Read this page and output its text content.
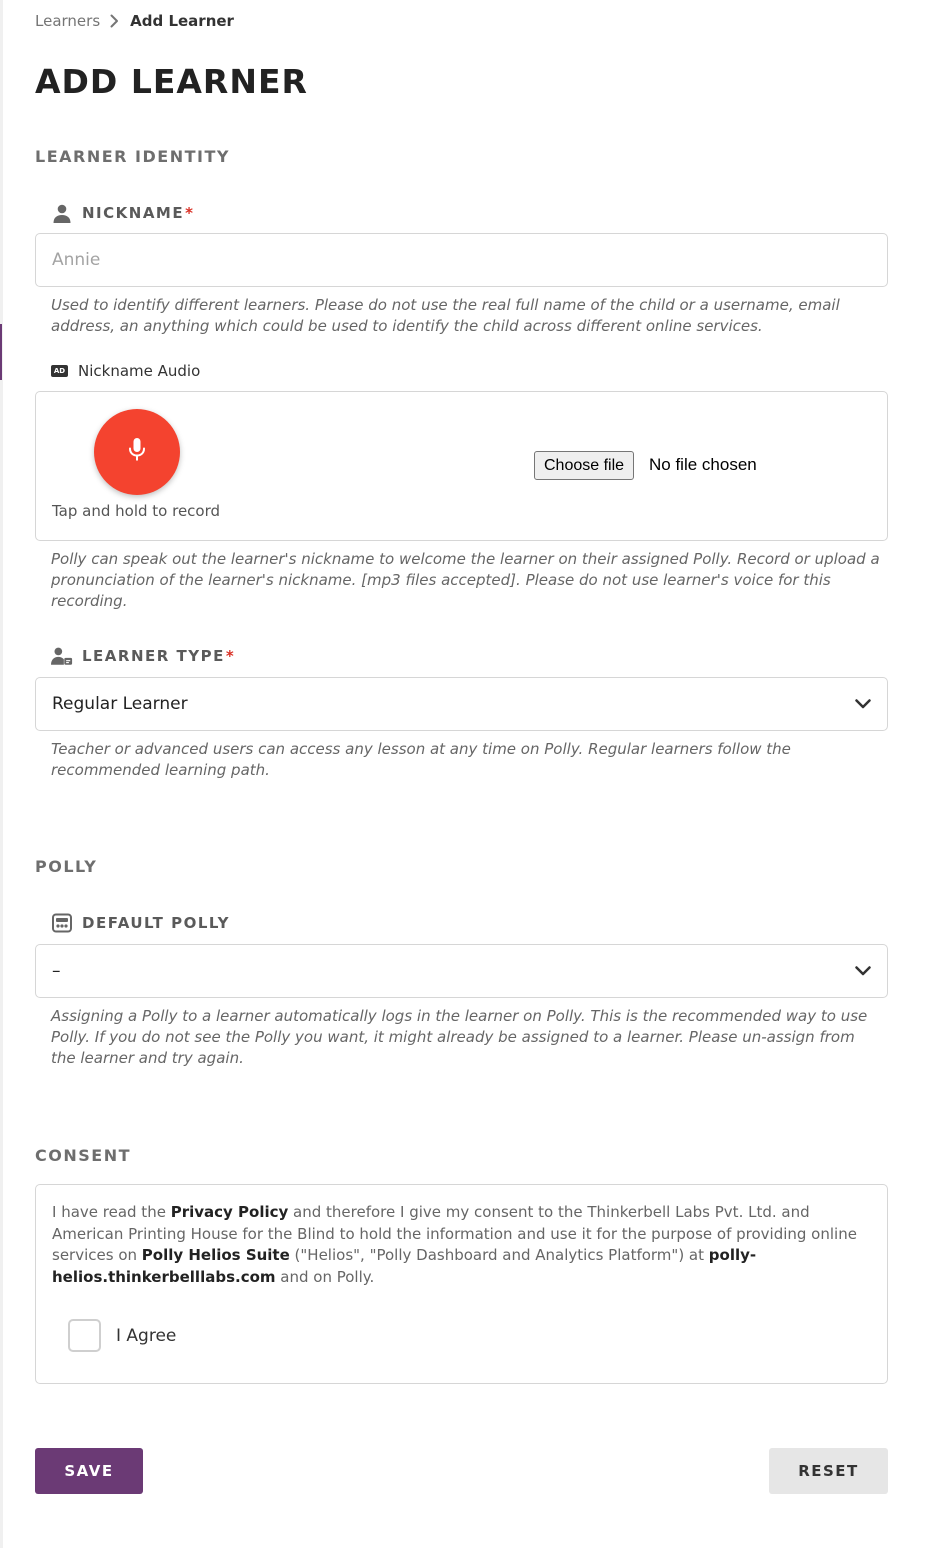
Learners Add Learner
ADD LEARNER
LEARNER IDENTITY
NICKNAME *
Annie

Used to identify different learners. Please do not use the real full name of the child or a username, email address, an anything which could be used to identify the child across different online services.

AD Nickname Audio
Tap and hold to record
Choose file	No file chosen

Polly can speak out the learner's nickname to welcome the learner on their assigned Polly. Record or upload a pronunciation of the learner's nickname. [mp3 files accepted]. Please do not use learner's voice for this recording.

LEARNER TYPE *
Regular Learner

Teacher or advanced users can access any lesson at any time on Polly. Regular learners follow the recommended learning path.

POLLY
DEFAULT POLLY
–

Assigning a Polly to a learner automatically logs in the learner on Polly. This is the recommended way to use Polly. If you do not see the Polly you want, it might already be assigned to a learner. Please un-assign from the learner and try again.

CONSENT

I have read the Privacy Policy and therefore I give my consent to the Thinkerbell Labs Pvt. Ltd. and American Printing House for the Blind to hold the information and use it for the purpose of providing online services on Polly Helios Suite ("Helios", "Polly Dashboard and Analytics Platform") at polly-
helios.thinkerbelllabs.com and on Polly.

I Agree
SAVE	RESET
